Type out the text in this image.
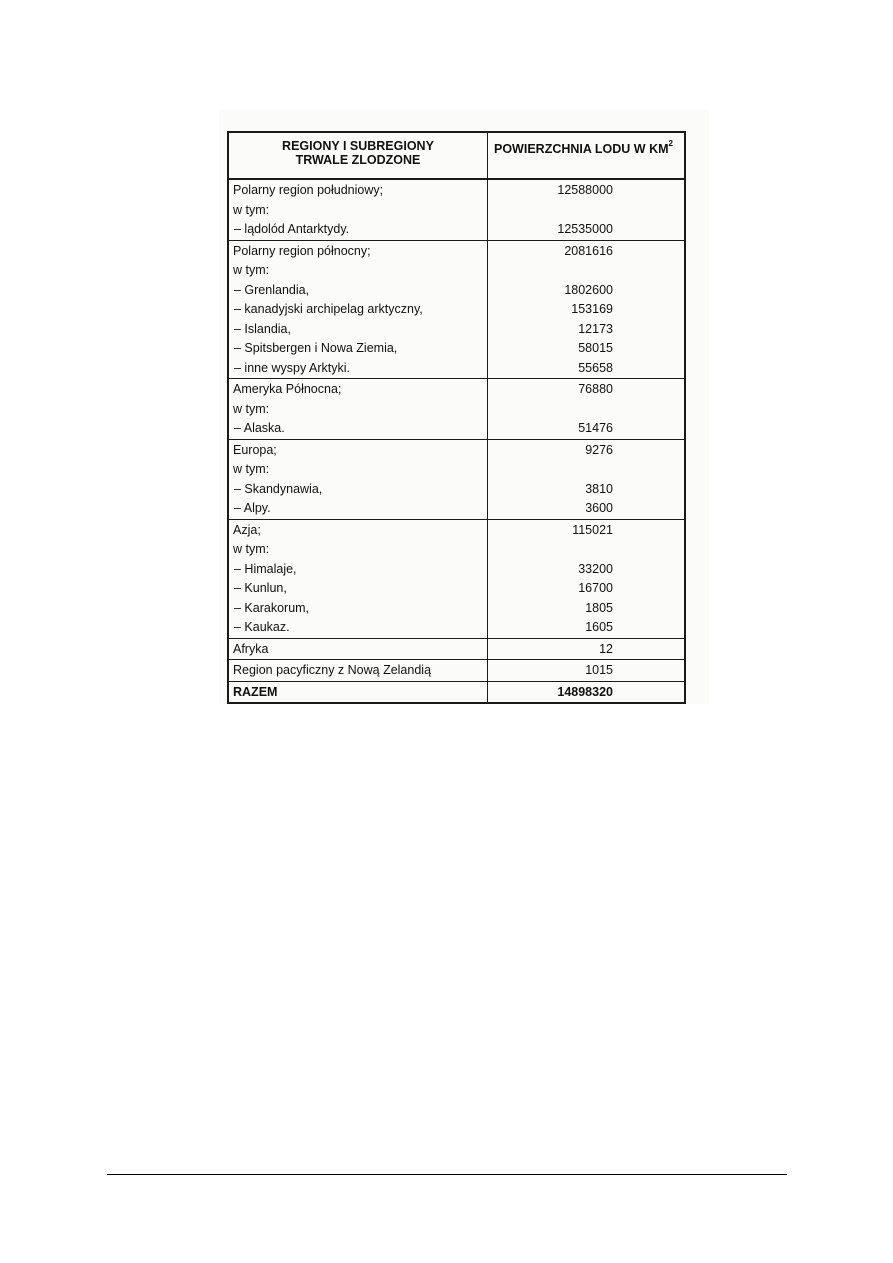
REGIONY I SUBREGIONY
TRWALE ZLODZONE	POWIERZCHNIA LODU W $KM^2$
Polarny region południowy;	12588000
w tym:	
– lądolód Antarktydy.	12535000
Polarny region północny;	2081616
w tym:	
– Grenlandia,	1802600
– kanadyjski archipelag arktyczny,	153169
– Islandia,	12173
– Spitsbergen i Nowa Ziemia,	58015
– inne wyspy Arktyki.	55658
Ameryka Północna;	76880
w tym:	
– Alaska.	51476
Europa;	9276
w tym:	
– Skandynawia,	3810
– Alpy.	3600
Azja;	115021
w tym:	
– Himalaje,	33200
– Kunlun,	16700
– Karakorum,	1805
– Kaukaz.	1605
Afryka	12
Region pacyficzny z Nową Zelandią	1015
RAZEM	14898320
